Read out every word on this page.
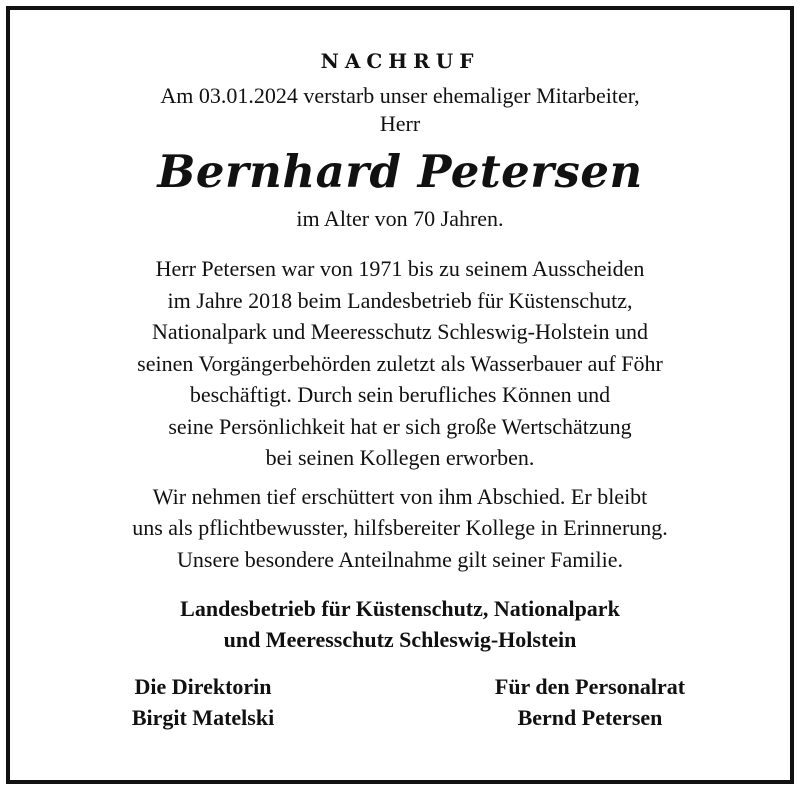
NACHRUF
Am 03.01.2024 verstarb unser ehemaliger Mitarbeiter,
Herr
Bernhard Petersen
im Alter von 70 Jahren.
Herr Petersen war von 1971 bis zu seinem Ausscheiden
im Jahre 2018 beim Landesbetrieb für Küstenschutz,
Nationalpark und Meeresschutz Schleswig-Holstein und
seinen Vorgängerbehörden zuletzt als Wasserbauer auf Föhr
beschäftigt. Durch sein berufliches Können und
seine Persönlichkeit hat er sich große Wertschätzung
bei seinen Kollegen erworben.
Wir nehmen tief erschüttert von ihm Abschied. Er bleibt
uns als pflichtbewusster, hilfsbereiter Kollege in Erinnerung.
Unsere besondere Anteilnahme gilt seiner Familie.
Landesbetrieb für Küstenschutz, Nationalpark
und Meeresschutz Schleswig-Holstein
Die Direktorin
Birgit Matelski
Für den Personalrat
Bernd Petersen
